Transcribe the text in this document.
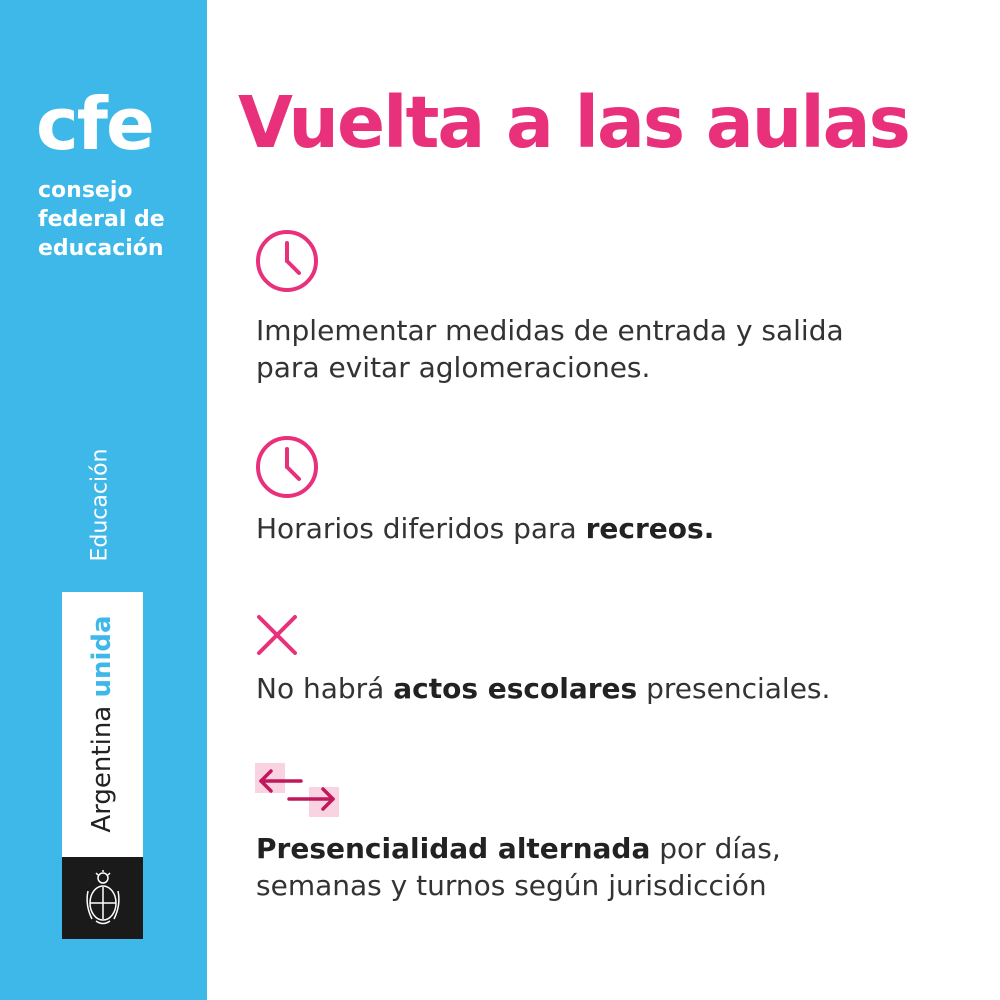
cfe
consejo
federal de
educación
Educación
Argentina unida
Vuelta a las aulas
Implementar medidas de entrada y salida
para evitar aglomeraciones.
Horarios diferidos para recreos.
No habrá actos escolares presenciales.
Presencialidad alternada por días,
semanas y turnos según jurisdicción
